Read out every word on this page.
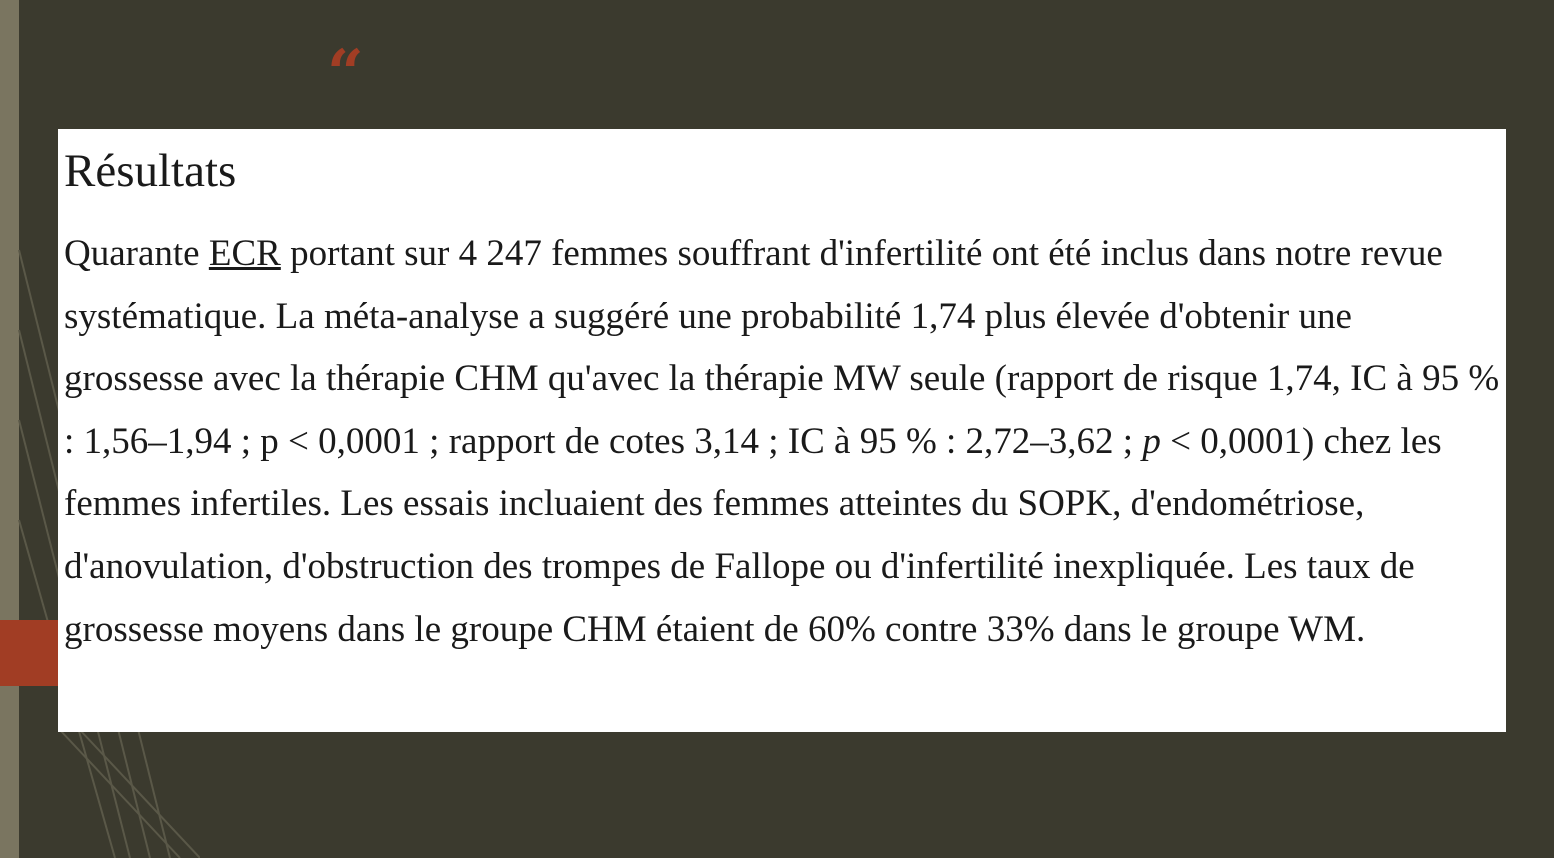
“
Résultats

Quarante ECR portant sur 4 247 femmes souffrant d'infertilité ont été inclus dans notre revue systématique. La méta-analyse a suggéré une probabilité 1,74 plus élevée d'obtenir une grossesse avec la thérapie CHM qu'avec la thérapie MW seule (rapport de risque 1,74, IC à 95 % : 1,56–1,94 ; p < 0,0001 ; rapport de cotes 3,14 ; IC à 95 % : 2,72–3,62 ; p < 0,0001) chez les femmes infertiles. Les essais incluaient des femmes atteintes du SOPK, d'endométriose, d'anovulation, d'obstruction des trompes de Fallope ou d'infertilité inexpliquée. Les taux de grossesse moyens dans le groupe CHM étaient de 60% contre 33% dans le groupe WM.
